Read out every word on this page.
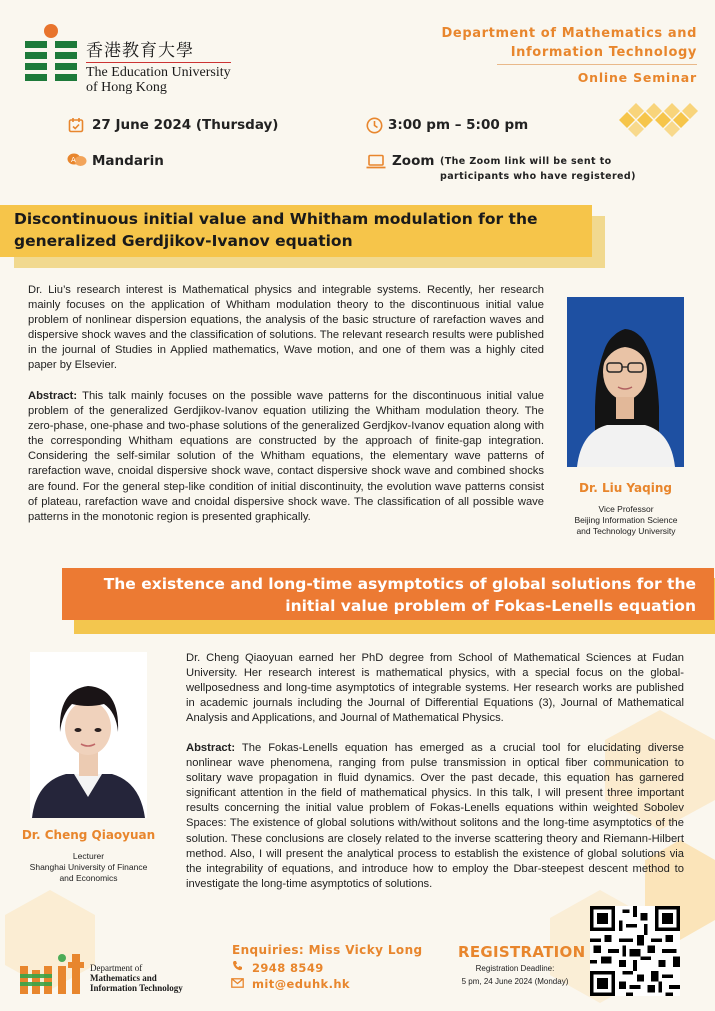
香港教育大學
The Education University
of Hong Kong
Department of Mathematics and
Information Technology
Online Seminar
27 June 2024 (Thursday)	3:00 pm – 5:00 pm
A Mandarin	Zoom (The Zoom link will be sent to
participants who have registered)
Discontinuous initial value and Whitham modulation for the
generalized Gerdjikov-Ivanov equation
Dr. Liu’s research interest is Mathematical physics and integrable systems. Recently, her research mainly focuses on the application of Whitham modulation theory to the discontinuous initial value problem of nonlinear dispersion equations, the analysis of the basic structure of rarefaction waves and dispersive shock waves and the classification of solutions. The relevant research results were published in the journal of Studies in Applied mathematics, Wave motion, and one of them was a highly cited paper by Elsevier.
Abstract: This talk mainly focuses on the possible wave patterns for the discontinuous initial value problem of the generalized Gerdjikov-Ivanov equation utilizing the Whitham modulation theory. The zero-phase, one-phase and two-phase solutions of the generalized Gerdjkov-Ivanov equation along with the corresponding Whitham equations are constructed by the approach of finite-gap integration. Considering the self-similar solution of the Whitham equations, the elementary wave patterns of rarefaction wave, cnoidal dispersive shock wave, contact dispersive shock wave and combined shocks are found. For the general step-like condition of initial discontinuity, the evolution wave patterns consist of plateau, rarefaction wave and cnoidal dispersive shock wave. The classification of all possible wave patterns in the monotonic region is presented graphically.
Dr. Liu Yaqing
Vice Professor
Beijing Information Science
and Technology University
The existence and long-time asymptotics of global solutions for the
initial value problem of Fokas-Lenells equation
Dr. Cheng Qiaoyuan
Lecturer
Shanghai University of Finance
and Economics
Dr. Cheng Qiaoyuan earned her PhD degree from School of Mathematical Sciences at Fudan University. Her research interest is mathematical physics, with a special focus on the global-wellposedness and long-time asymptotics of integrable systems. Her research works are published in academic journals including the Journal of Differential Equations (3), Journal of Mathematical Analysis and Applications, and Journal of Mathematical Physics.
Abstract: The Fokas-Lenells equation has emerged as a crucial tool for elucidating diverse nonlinear wave phenomena, ranging from pulse transmission in optical fiber communication to solitary wave propagation in fluid dynamics. Over the past decade, this equation has garnered significant attention in the field of mathematical physics. In this talk, I will present three important results concerning the initial value problem of Fokas-Lenells equations within weighted Sobolev Spaces: The existence of global solutions with/without solitons and the long-time asymptotics of the solution. These conclusions are closely related to the inverse scattering theory and Riemann-Hilbert method. Also, I will present the analytical process to establish the existence of global solutions via the integrability of equations, and introduce how to employ the Dbar-steepest descent method to investigate the long-time asymptotics of solutions.
Department of
Mathematics and
Information Technology
Enquiries: Miss Vicky Long
2948 8549
mit@eduhk.hk
REGISTRATION
Registration Deadline:
5 pm, 24 June 2024 (Monday)
